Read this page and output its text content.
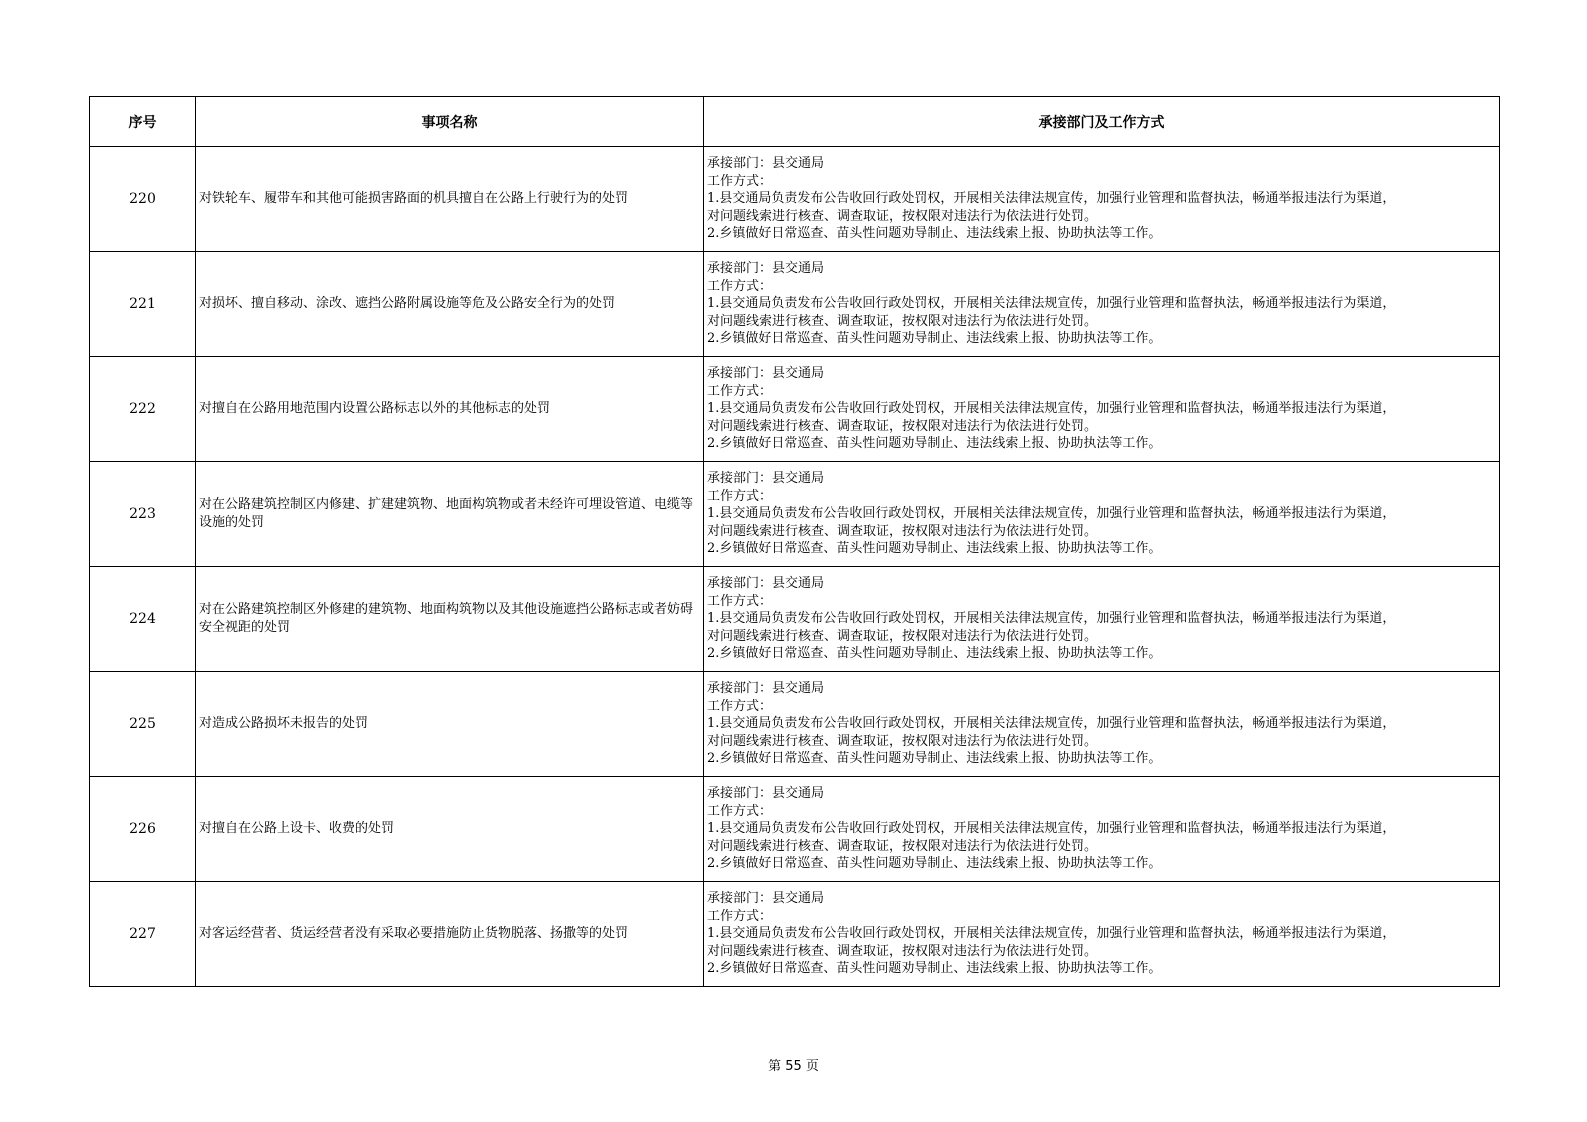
序号	事项名称	承接部门及工作方式
220	对铁轮车、履带车和其他可能损害路面的机具擅自在公路上行驶行为的处罚	承接部门：县交通局
工作方式：
1.县交通局负责发布公告收回行政处罚权，开展相关法律法规宣传，加强行业管理和监督执法，畅通举报违法行为渠道，
对问题线索进行核查、调查取证，按权限对违法行为依法进行处罚。
2.乡镇做好日常巡查、苗头性问题劝导制止、违法线索上报、协助执法等工作。

221	对损坏、擅自移动、涂改、遮挡公路附属设施等危及公路安全行为的处罚	承接部门：县交通局
工作方式：
1.县交通局负责发布公告收回行政处罚权，开展相关法律法规宣传，加强行业管理和监督执法，畅通举报违法行为渠道，
对问题线索进行核查、调查取证，按权限对违法行为依法进行处罚。
2.乡镇做好日常巡查、苗头性问题劝导制止、违法线索上报、协助执法等工作。

222	对擅自在公路用地范围内设置公路标志以外的其他标志的处罚	承接部门：县交通局
工作方式：
1.县交通局负责发布公告收回行政处罚权，开展相关法律法规宣传，加强行业管理和监督执法，畅通举报违法行为渠道，
对问题线索进行核查、调查取证，按权限对违法行为依法进行处罚。
2.乡镇做好日常巡查、苗头性问题劝导制止、违法线索上报、协助执法等工作。

223	对在公路建筑控制区内修建、扩建建筑物、地面构筑物或者未经许可埋设管道、电缆等设施的处罚	承接部门：县交通局
工作方式：
1.县交通局负责发布公告收回行政处罚权，开展相关法律法规宣传，加强行业管理和监督执法，畅通举报违法行为渠道，
对问题线索进行核查、调查取证，按权限对违法行为依法进行处罚。
2.乡镇做好日常巡查、苗头性问题劝导制止、违法线索上报、协助执法等工作。

224	对在公路建筑控制区外修建的建筑物、地面构筑物以及其他设施遮挡公路标志或者妨碍安全视距的处罚	承接部门：县交通局
工作方式：
1.县交通局负责发布公告收回行政处罚权，开展相关法律法规宣传，加强行业管理和监督执法，畅通举报违法行为渠道，
对问题线索进行核查、调查取证，按权限对违法行为依法进行处罚。
2.乡镇做好日常巡查、苗头性问题劝导制止、违法线索上报、协助执法等工作。

225	对造成公路损坏未报告的处罚	承接部门：县交通局
工作方式：
1.县交通局负责发布公告收回行政处罚权，开展相关法律法规宣传，加强行业管理和监督执法，畅通举报违法行为渠道，
对问题线索进行核查、调查取证，按权限对违法行为依法进行处罚。
2.乡镇做好日常巡查、苗头性问题劝导制止、违法线索上报、协助执法等工作。

226	对擅自在公路上设卡、收费的处罚	承接部门：县交通局
工作方式：
1.县交通局负责发布公告收回行政处罚权，开展相关法律法规宣传，加强行业管理和监督执法，畅通举报违法行为渠道，
对问题线索进行核查、调查取证，按权限对违法行为依法进行处罚。
2.乡镇做好日常巡查、苗头性问题劝导制止、违法线索上报、协助执法等工作。

227	对客运经营者、货运经营者没有采取必要措施防止货物脱落、扬撒等的处罚	承接部门：县交通局
工作方式：
1.县交通局负责发布公告收回行政处罚权，开展相关法律法规宣传，加强行业管理和监督执法，畅通举报违法行为渠道，
对问题线索进行核查、调查取证，按权限对违法行为依法进行处罚。
2.乡镇做好日常巡查、苗头性问题劝导制止、违法线索上报、协助执法等工作。
第 55 页
